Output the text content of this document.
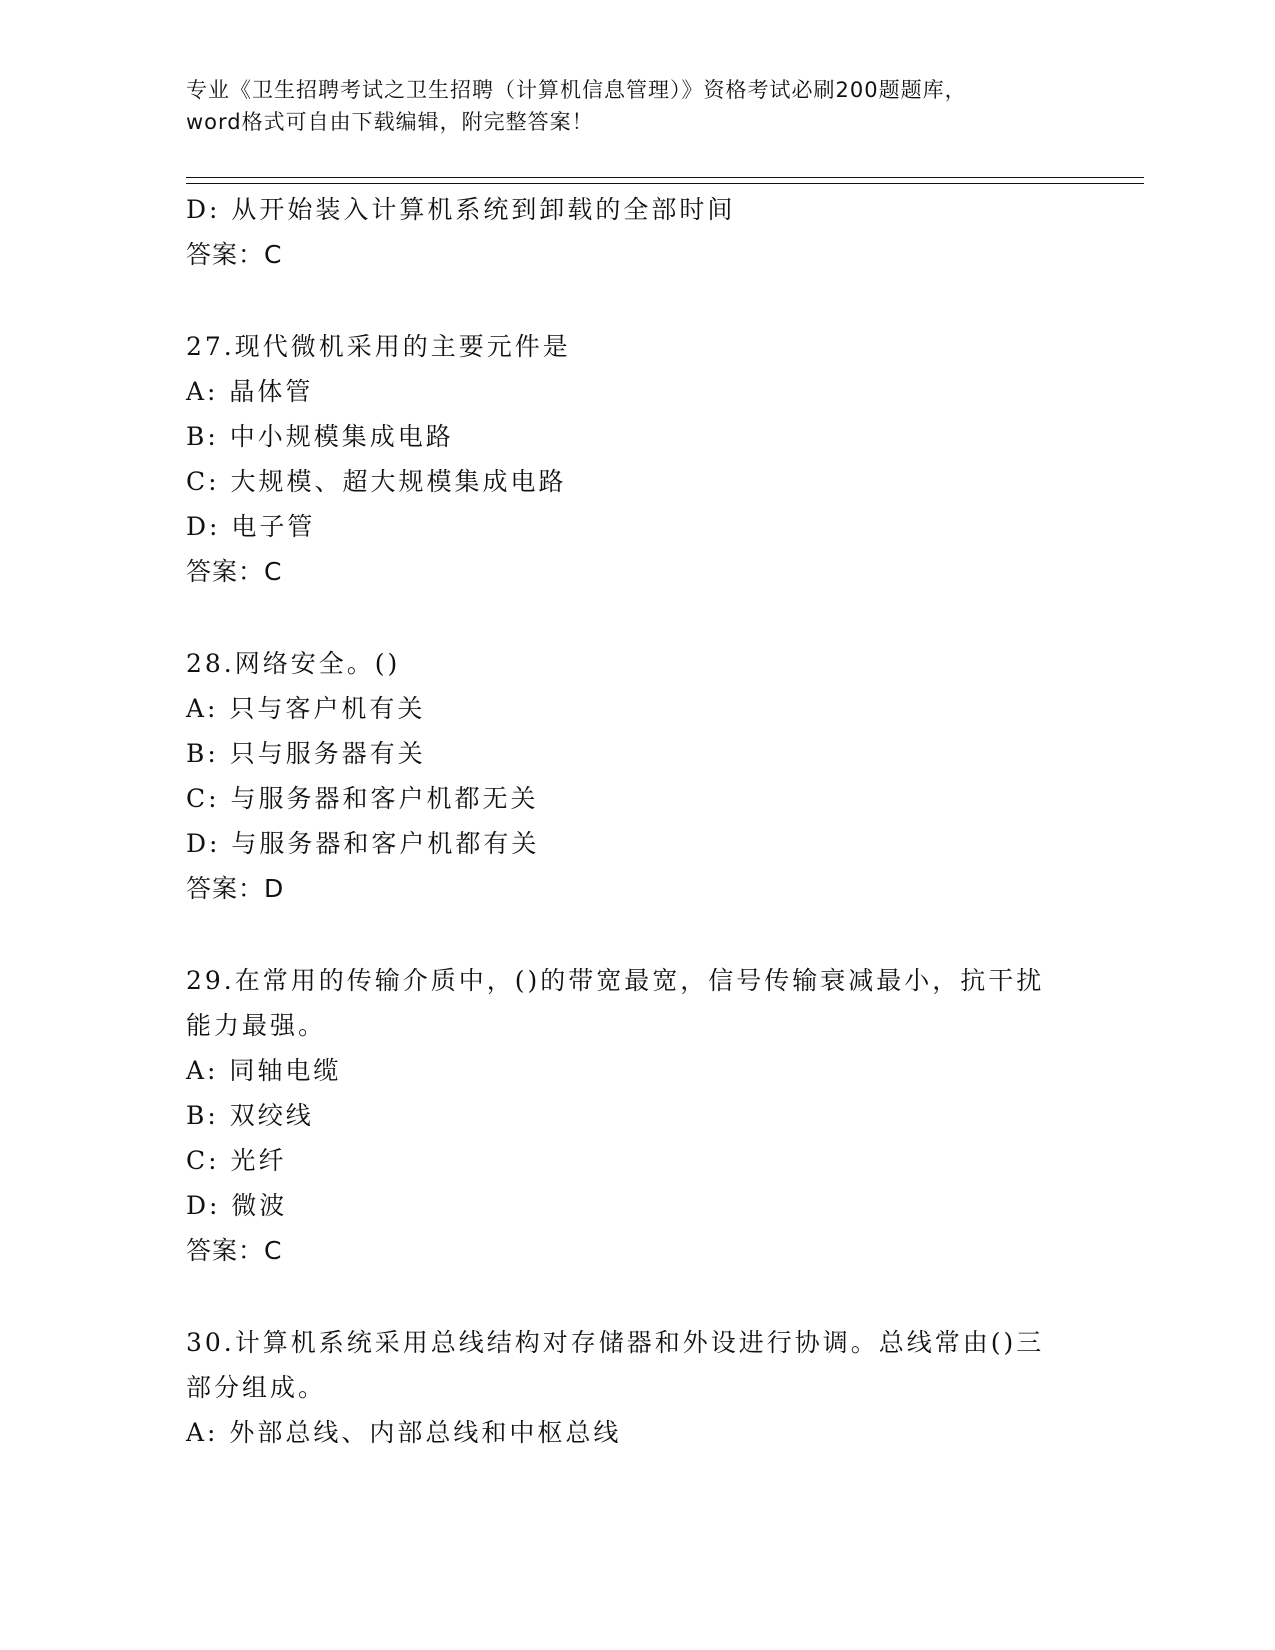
专业《卫生招聘考试之卫生招聘（计算机信息管理）》资格考试必刷200题题库，
word格式可自由下载编辑，附完整答案！
D: 从开始装入计算机系统到卸载的全部时间
答案：C
27.现代微机采用的主要元件是
A: 晶体管
B: 中小规模集成电路
C: 大规模、超大规模集成电路
D: 电子管
答案：C
28.网络安全。()
A: 只与客户机有关
B: 只与服务器有关
C: 与服务器和客户机都无关
D: 与服务器和客户机都有关
答案：D
29.在常用的传输介质中，()的带宽最宽，信号传输衰减最小，抗干扰
能力最强。
A: 同轴电缆
B: 双绞线
C: 光纤
D: 微波
答案：C
30.计算机系统采用总线结构对存储器和外设进行协调。总线常由()三
部分组成。
A: 外部总线、内部总线和中枢总线
